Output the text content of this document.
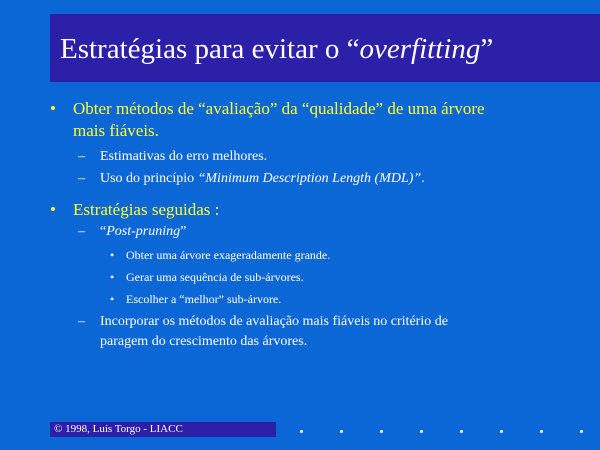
Estratégias para evitar o “overfitting”
• Obter métodos de “avaliação” da “qualidade” de uma árvore
mais fiáveis.
– Estimativas do erro melhores.
– Uso do princípio “Minimum Description Length (MDL)”.
• Estratégias seguidas :
– “Post-pruning”
• Obter uma árvore exageradamente grande.
• Gerar uma sequência de sub-árvores.
• Escolher a “melhor” sub-árvore.
– Incorporar os métodos de avaliação mais fiáveis no critério de
paragem do crescimento das árvores.
© 1998, Luís Torgo - LIACC
